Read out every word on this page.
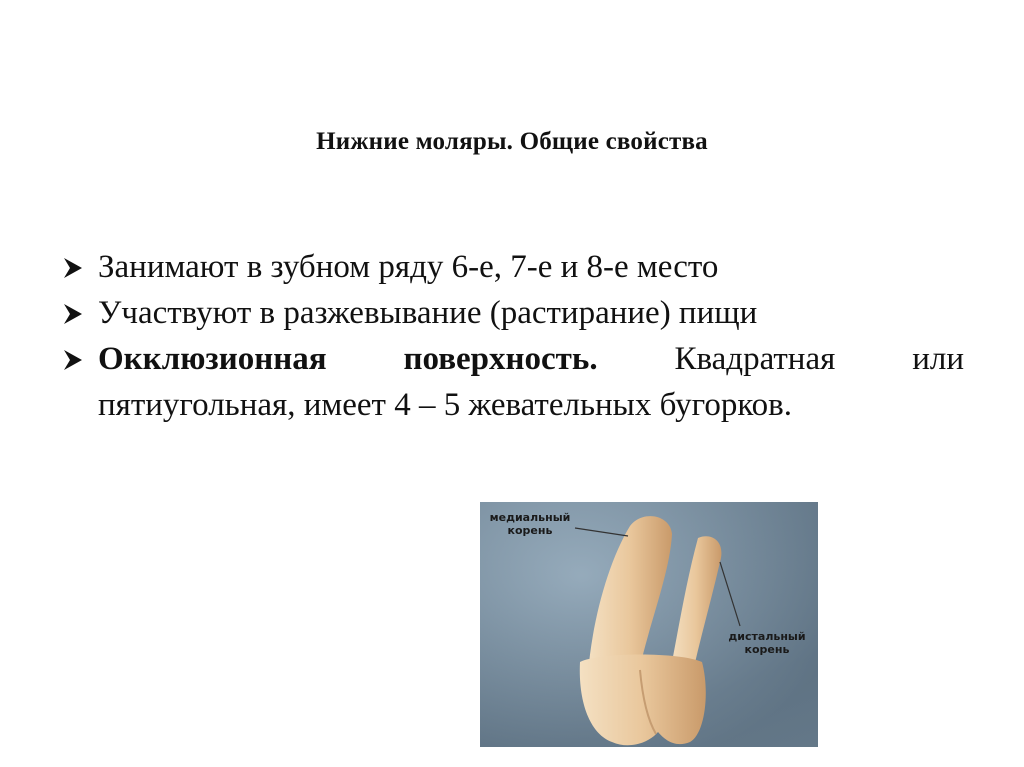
Нижние моляры. Общие свойства
Занимают в зубном ряду 6-е, 7-е и 8-е место
Участвуют в разжевывание (растирание) пищи
Окклюзионная поверхность. Квадратная или
пятиугольная, имеет 4 – 5 жевательных бугорков.
медиальный
корень
дистальный
корень
